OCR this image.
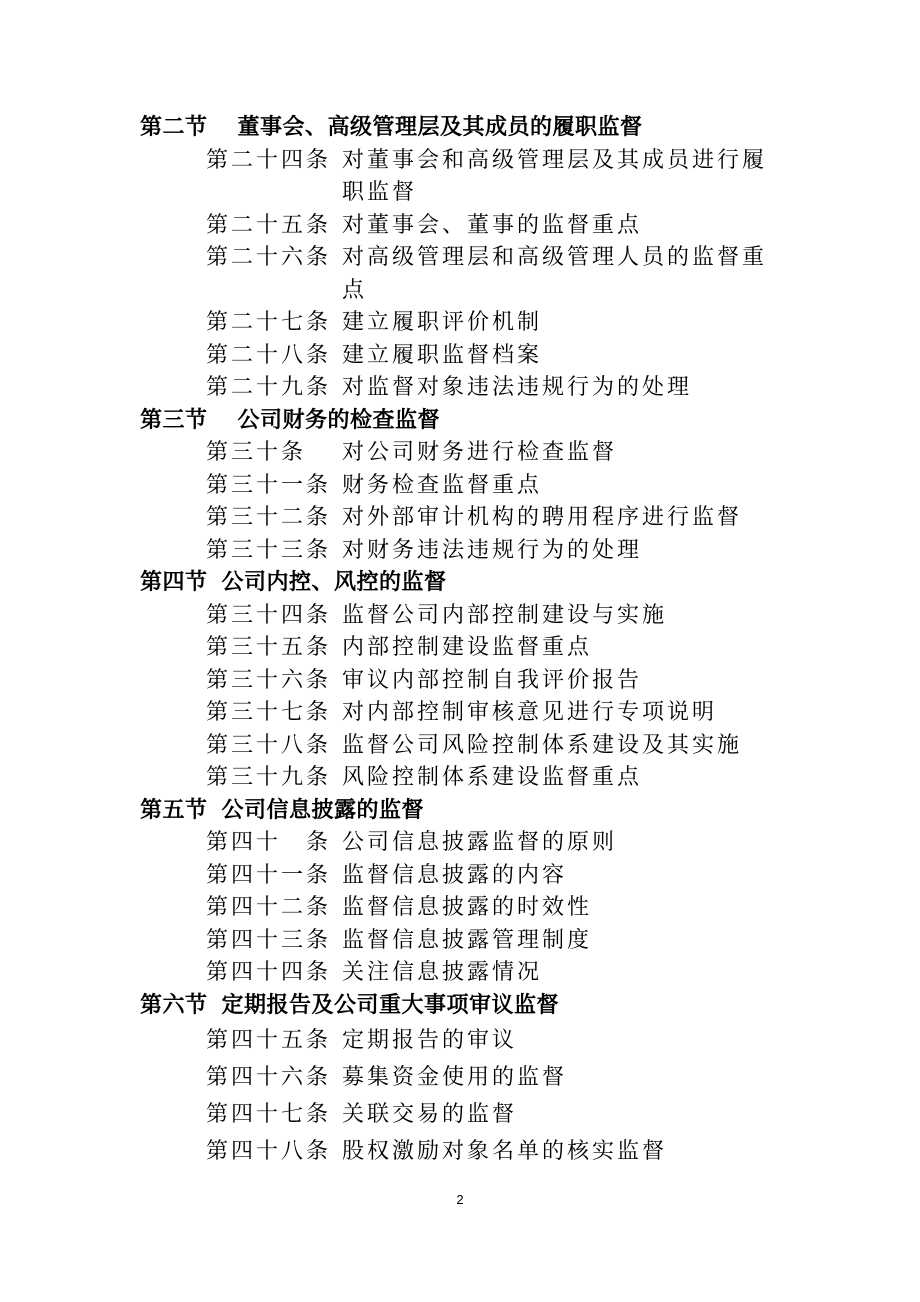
第二节 董事会、高级管理层及其成员的履职监督
第二十四条 对董事会和高级管理层及其成员进行履职监督
第二十五条 对董事会、董事的监督重点
第二十六条 对高级管理层和高级管理人员的监督重点
第二十七条 建立履职评价机制
第二十八条 建立履职监督档案
第二十九条 对监督对象违法违规行为的处理
第三节 公司财务的检查监督
第三十条	对公司财务进行检查监督
第三十一条 财务检查监督重点
第三十二条 对外部审计机构的聘用程序进行监督
第三十三条 对财务违法违规行为的处理
第四节 公司内控、风控的监督
第三十四条 监督公司内部控制建设与实施
第三十五条 内部控制建设监督重点
第三十六条 审议内部控制自我评价报告
第三十七条 对内部控制审核意见进行专项说明
第三十八条 监督公司风险控制体系建设及其实施
第三十九条 风险控制体系建设监督重点
第五节 公司信息披露的监督
第四十　条 公司信息披露监督的原则
第四十一条 监督信息披露的内容
第四十二条 监督信息披露的时效性
第四十三条 监督信息披露管理制度
第四十四条 关注信息披露情况
第六节 定期报告及公司重大事项审议监督
第四十五条 定期报告的审议
第四十六条 募集资金使用的监督
第四十七条 关联交易的监督
第四十八条 股权激励对象名单的核实监督
2
